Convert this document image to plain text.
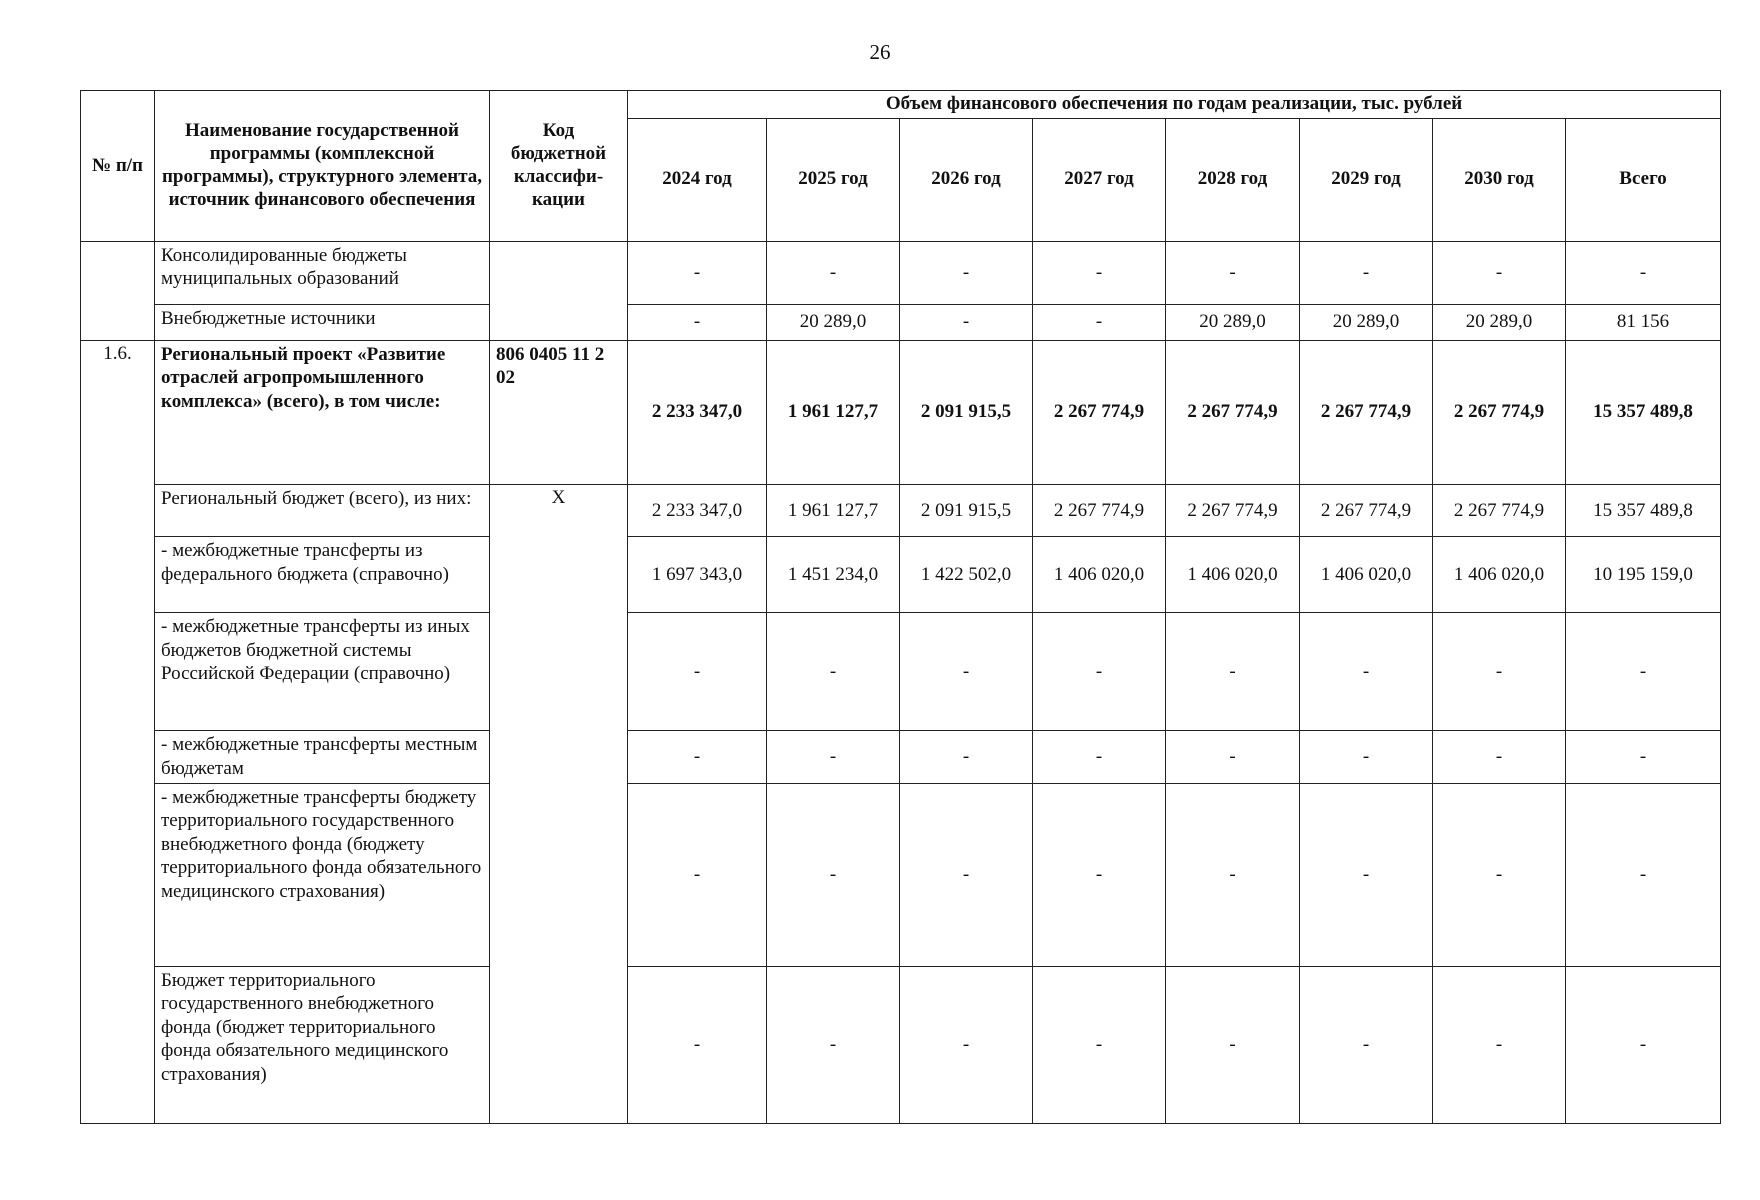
26
№ п/п	Наименование государственной программы (комплексной программы), структурного элемента, источник финансового обеспечения	Код бюджетной классифи-кации	Объем финансового обеспечения по годам реализации, тыс. рублей							
			2024 год	2025 год	2026 год	2027 год	2028 год	2029 год	2030 год	Всего
	Консолидированные бюджеты муниципальных образований		-	-	-	-	-	-	-	-
	Внебюджетные источники		-	20 289,0	-	-	20 289,0	20 289,0	20 289,0	81 156
1.6.	Региональный проект «Развитие отраслей агропромышленного комплекса» (всего), в том числе:	806 0405 11 2 02	2 233 347,0	1 961 127,7	2 091 915,5	2 267 774,9	2 267 774,9	2 267 774,9	2 267 774,9	15 357 489,8
	Региональный бюджет (всего), из них:	X	2 233 347,0	1 961 127,7	2 091 915,5	2 267 774,9	2 267 774,9	2 267 774,9	2 267 774,9	15 357 489,8
	- межбюджетные трансферты из федерального бюджета (справочно)		1 697 343,0	1 451 234,0	1 422 502,0	1 406 020,0	1 406 020,0	1 406 020,0	1 406 020,0	10 195 159,0
	- межбюджетные трансферты из иных бюджетов бюджетной системы Российской Федерации (справочно)		-	-	-	-	-	-	-	-
	- межбюджетные трансферты местным бюджетам		-	-	-	-	-	-	-	-
	- межбюджетные трансферты бюджету территориального государственного внебюджетного фонда (бюджету территориального фонда обязательного медицинского страхования)		-	-	-	-	-	-	-	-
	Бюджет территориального государственного внебюджетного фонда (бюджет территориального фонда обязательного медицинского страхования)		-	-	-	-	-	-	-	-
